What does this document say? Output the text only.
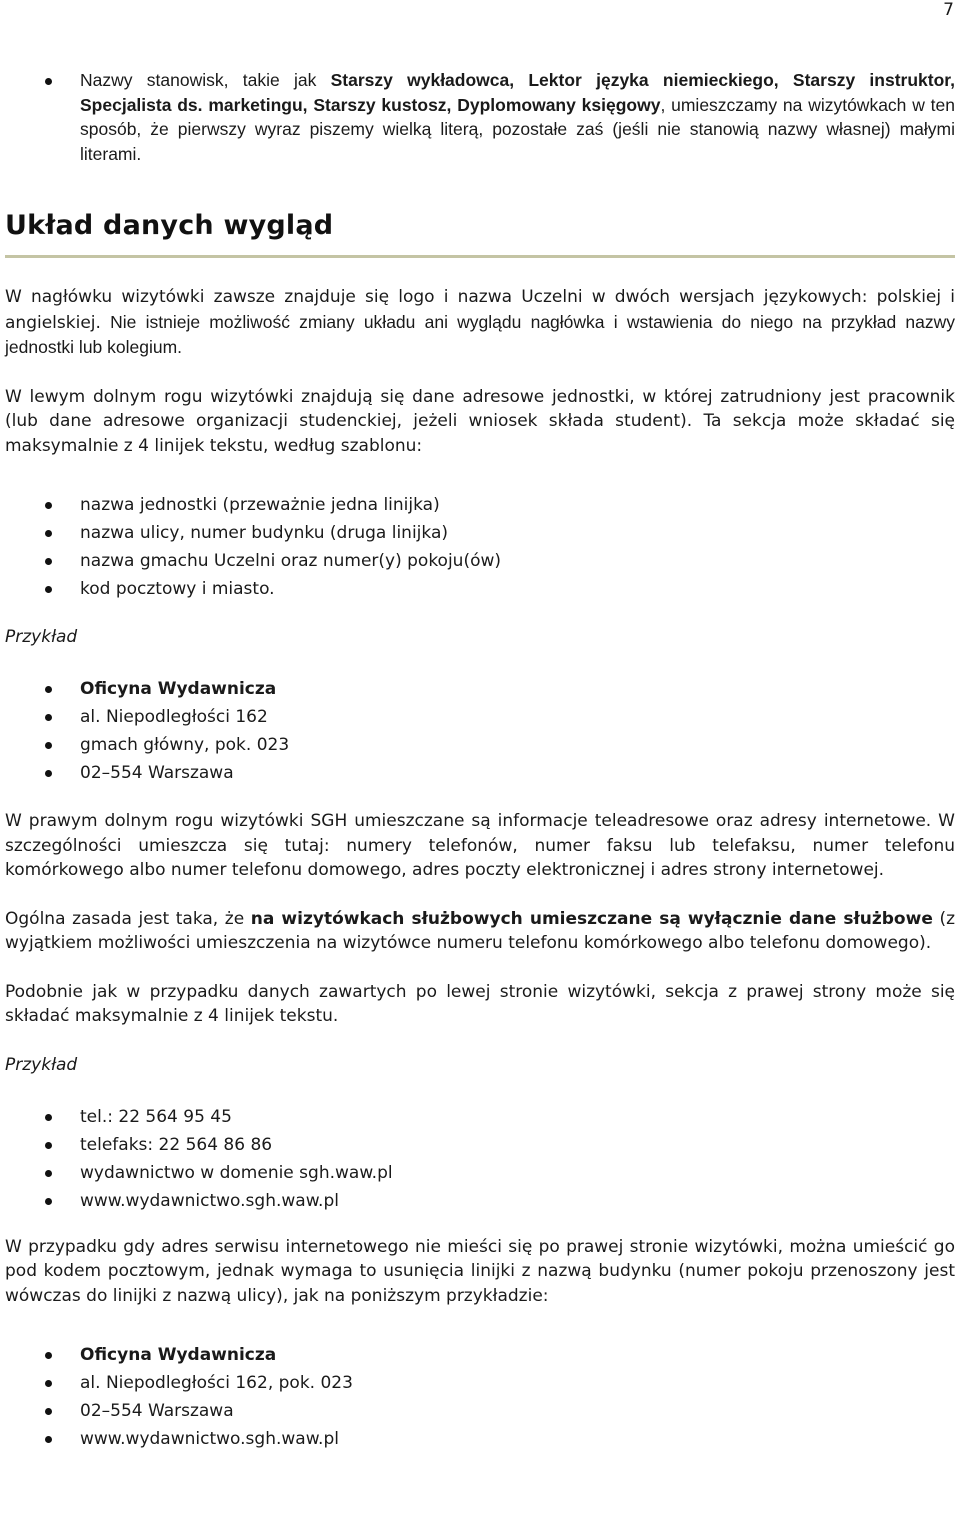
7
Nazwy stanowisk, takie jak Starszy wykładowca, Lektor języka niemieckiego, Starszy instruktor, Specjalista ds. marketingu, Starszy kustosz, Dyplomowany księgowy, umieszczamy na wizytówkach w ten sposób, że pierwszy wyraz piszemy wielką literą, pozostałe zaś (jeśli nie stanowią nazwy własnej) małymi literami.
Układ danych wygląd

W nagłówku wizytówki zawsze znajduje się logo i nazwa Uczelni w dwóch wersjach językowych: polskiej i angielskiej. Nie istnieje możliwość zmiany układu ani wyglądu nagłówka i wstawienia do niego na przykład nazwy jednostki lub kolegium.

W lewym dolnym rogu wizytówki znajdują się dane adresowe jednostki, w której zatrudniony jest pracownik (lub dane adresowe organizacji studenckiej, jeżeli wniosek składa student). Ta sekcja może składać się maksymalnie z 4 linijek tekstu, według szablonu:

nazwa jednostki (przeważnie jedna linijka)
nazwa ulicy, numer budynku (druga linijka)
nazwa gmachu Uczelni oraz numer(y) pokoju(ów)
kod pocztowy i miasto.
Przykład
Oficyna Wydawnicza
al. Niepodległości 162
gmach główny, pok. 023
02–554 Warszawa

W prawym dolnym rogu wizytówki SGH umieszczane są informacje teleadresowe oraz adresy internetowe. W szczególności umieszcza się tutaj: numery telefonów, numer faksu lub telefaksu, numer telefonu komórkowego albo numer telefonu domowego, adres poczty elektronicznej i adres strony internetowej.

Ogólna zasada jest taka, że na wizytówkach służbowych umieszczane są wyłącznie dane służbowe (z wyjątkiem możliwości umieszczenia na wizytówce numeru telefonu komórkowego albo telefonu domowego).

Podobnie jak w przypadku danych zawartych po lewej stronie wizytówki, sekcja z prawej strony może się składać maksymalnie z 4 linijek tekstu.

Przykład
tel.: 22 564 95 45
telefaks: 22 564 86 86
wydawnictwo w domenie sgh.waw.pl
www.wydawnictwo.sgh.waw.pl

W przypadku gdy adres serwisu internetowego nie mieści się po prawej stronie wizytówki, można umieścić go pod kodem pocztowym, jednak wymaga to usunięcia linijki z nazwą budynku (numer pokoju przenoszony jest wówczas do linijki z nazwą ulicy), jak na poniższym przykładzie:

Oficyna Wydawnicza
al. Niepodległości 162, pok. 023
02–554 Warszawa
www.wydawnictwo.sgh.waw.pl
